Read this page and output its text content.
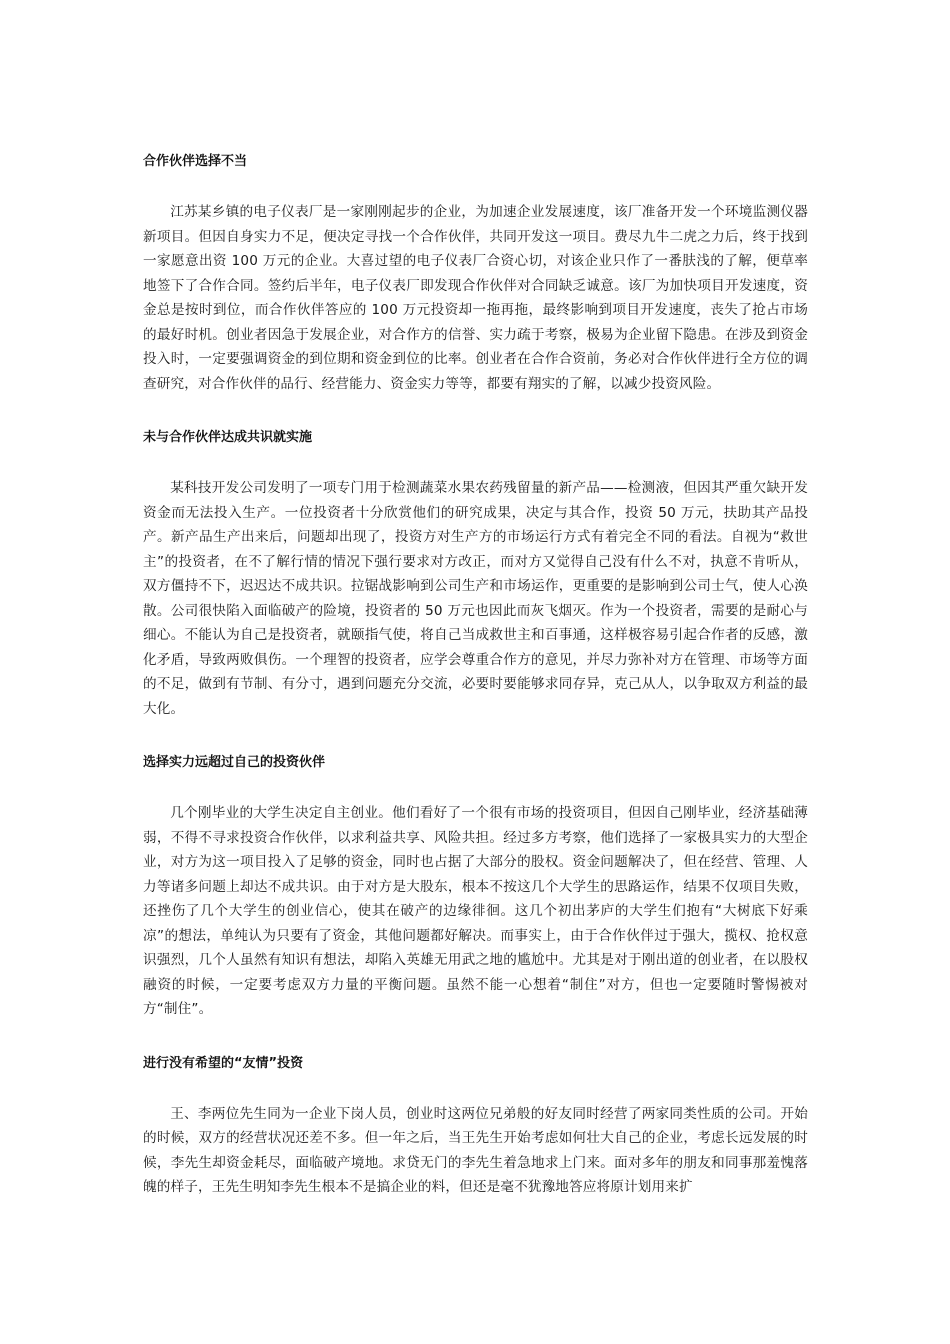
合作伙伴选择不当

江苏某乡镇的电子仪表厂是一家刚刚起步的企业，为加速企业发展速度，该厂准备开发一个环境监测仪器新项目。但因自身实力不足，便决定寻找一个合作伙伴，共同开发这一项目。费尽九牛二虎之力后，终于找到一家愿意出资 100 万元的企业。大喜过望的电子仪表厂合资心切，对该企业只作了一番肤浅的了解，便草率地签下了合作合同。签约后半年，电子仪表厂即发现合作伙伴对合同缺乏诚意。该厂为加快项目开发速度，资金总是按时到位，而合作伙伴答应的 100 万元投资却一拖再拖，最终影响到项目开发速度，丧失了抢占市场的最好时机。创业者因急于发展企业，对合作方的信誉、实力疏于考察，极易为企业留下隐患。在涉及到资金投入时，一定要强调资金的到位期和资金到位的比率。创业者在合作合资前，务必对合作伙伴进行全方位的调查研究，对合作伙伴的品行、经营能力、资金实力等等，都要有翔实的了解，以减少投资风险。

未与合作伙伴达成共识就实施

某科技开发公司发明了一项专门用于检测蔬菜水果农药残留量的新产品——检测液，但因其严重欠缺开发资金而无法投入生产。一位投资者十分欣赏他们的研究成果，决定与其合作，投资 50 万元，扶助其产品投产。新产品生产出来后，问题却出现了，投资方对生产方的市场运行方式有着完全不同的看法。自视为“救世主”的投资者，在不了解行情的情况下强行要求对方改正，而对方又觉得自己没有什么不对，执意不肯听从，双方僵持不下，迟迟达不成共识。拉锯战影响到公司生产和市场运作，更重要的是影响到公司士气，使人心涣散。公司很快陷入面临破产的险境，投资者的 50 万元也因此而灰飞烟灭。作为一个投资者，需要的是耐心与细心。不能认为自己是投资者，就颐指气使，将自己当成救世主和百事通，这样极容易引起合作者的反感，激化矛盾，导致两败俱伤。一个理智的投资者，应学会尊重合作方的意见，并尽力弥补对方在管理、市场等方面的不足，做到有节制、有分寸，遇到问题充分交流，必要时要能够求同存异，克己从人，以争取双方利益的最大化。

选择实力远超过自己的投资伙伴

几个刚毕业的大学生决定自主创业。他们看好了一个很有市场的投资项目，但因自己刚毕业，经济基础薄弱，不得不寻求投资合作伙伴，以求利益共享、风险共担。经过多方考察，他们选择了一家极具实力的大型企业，对方为这一项目投入了足够的资金，同时也占据了大部分的股权。资金问题解决了，但在经营、管理、人力等诸多问题上却达不成共识。由于对方是大股东，根本不按这几个大学生的思路运作，结果不仅项目失败，还挫伤了几个大学生的创业信心，使其在破产的边缘徘徊。这几个初出茅庐的大学生们抱有“大树底下好乘凉”的想法，单纯认为只要有了资金，其他问题都好解决。而事实上，由于合作伙伴过于强大，揽权、抢权意识强烈，几个人虽然有知识有想法，却陷入英雄无用武之地的尴尬中。尤其是对于刚出道的创业者，在以股权融资的时候，一定要考虑双方力量的平衡问题。虽然不能一心想着“制住”对方，但也一定要随时警惕被对方“制住”。

进行没有希望的“友情”投资

王、李两位先生同为一企业下岗人员，创业时这两位兄弟般的好友同时经营了两家同类性质的公司。开始的时候，双方的经营状况还差不多。但一年之后，当王先生开始考虑如何壮大自己的企业，考虑长远发展的时候，李先生却资金耗尽，面临破产境地。求贷无门的李先生着急地求上门来。面对多年的朋友和同事那羞愧落魄的样子，王先生明知李先生根本不是搞企业的料，但还是毫不犹豫地答应将原计划用来扩
